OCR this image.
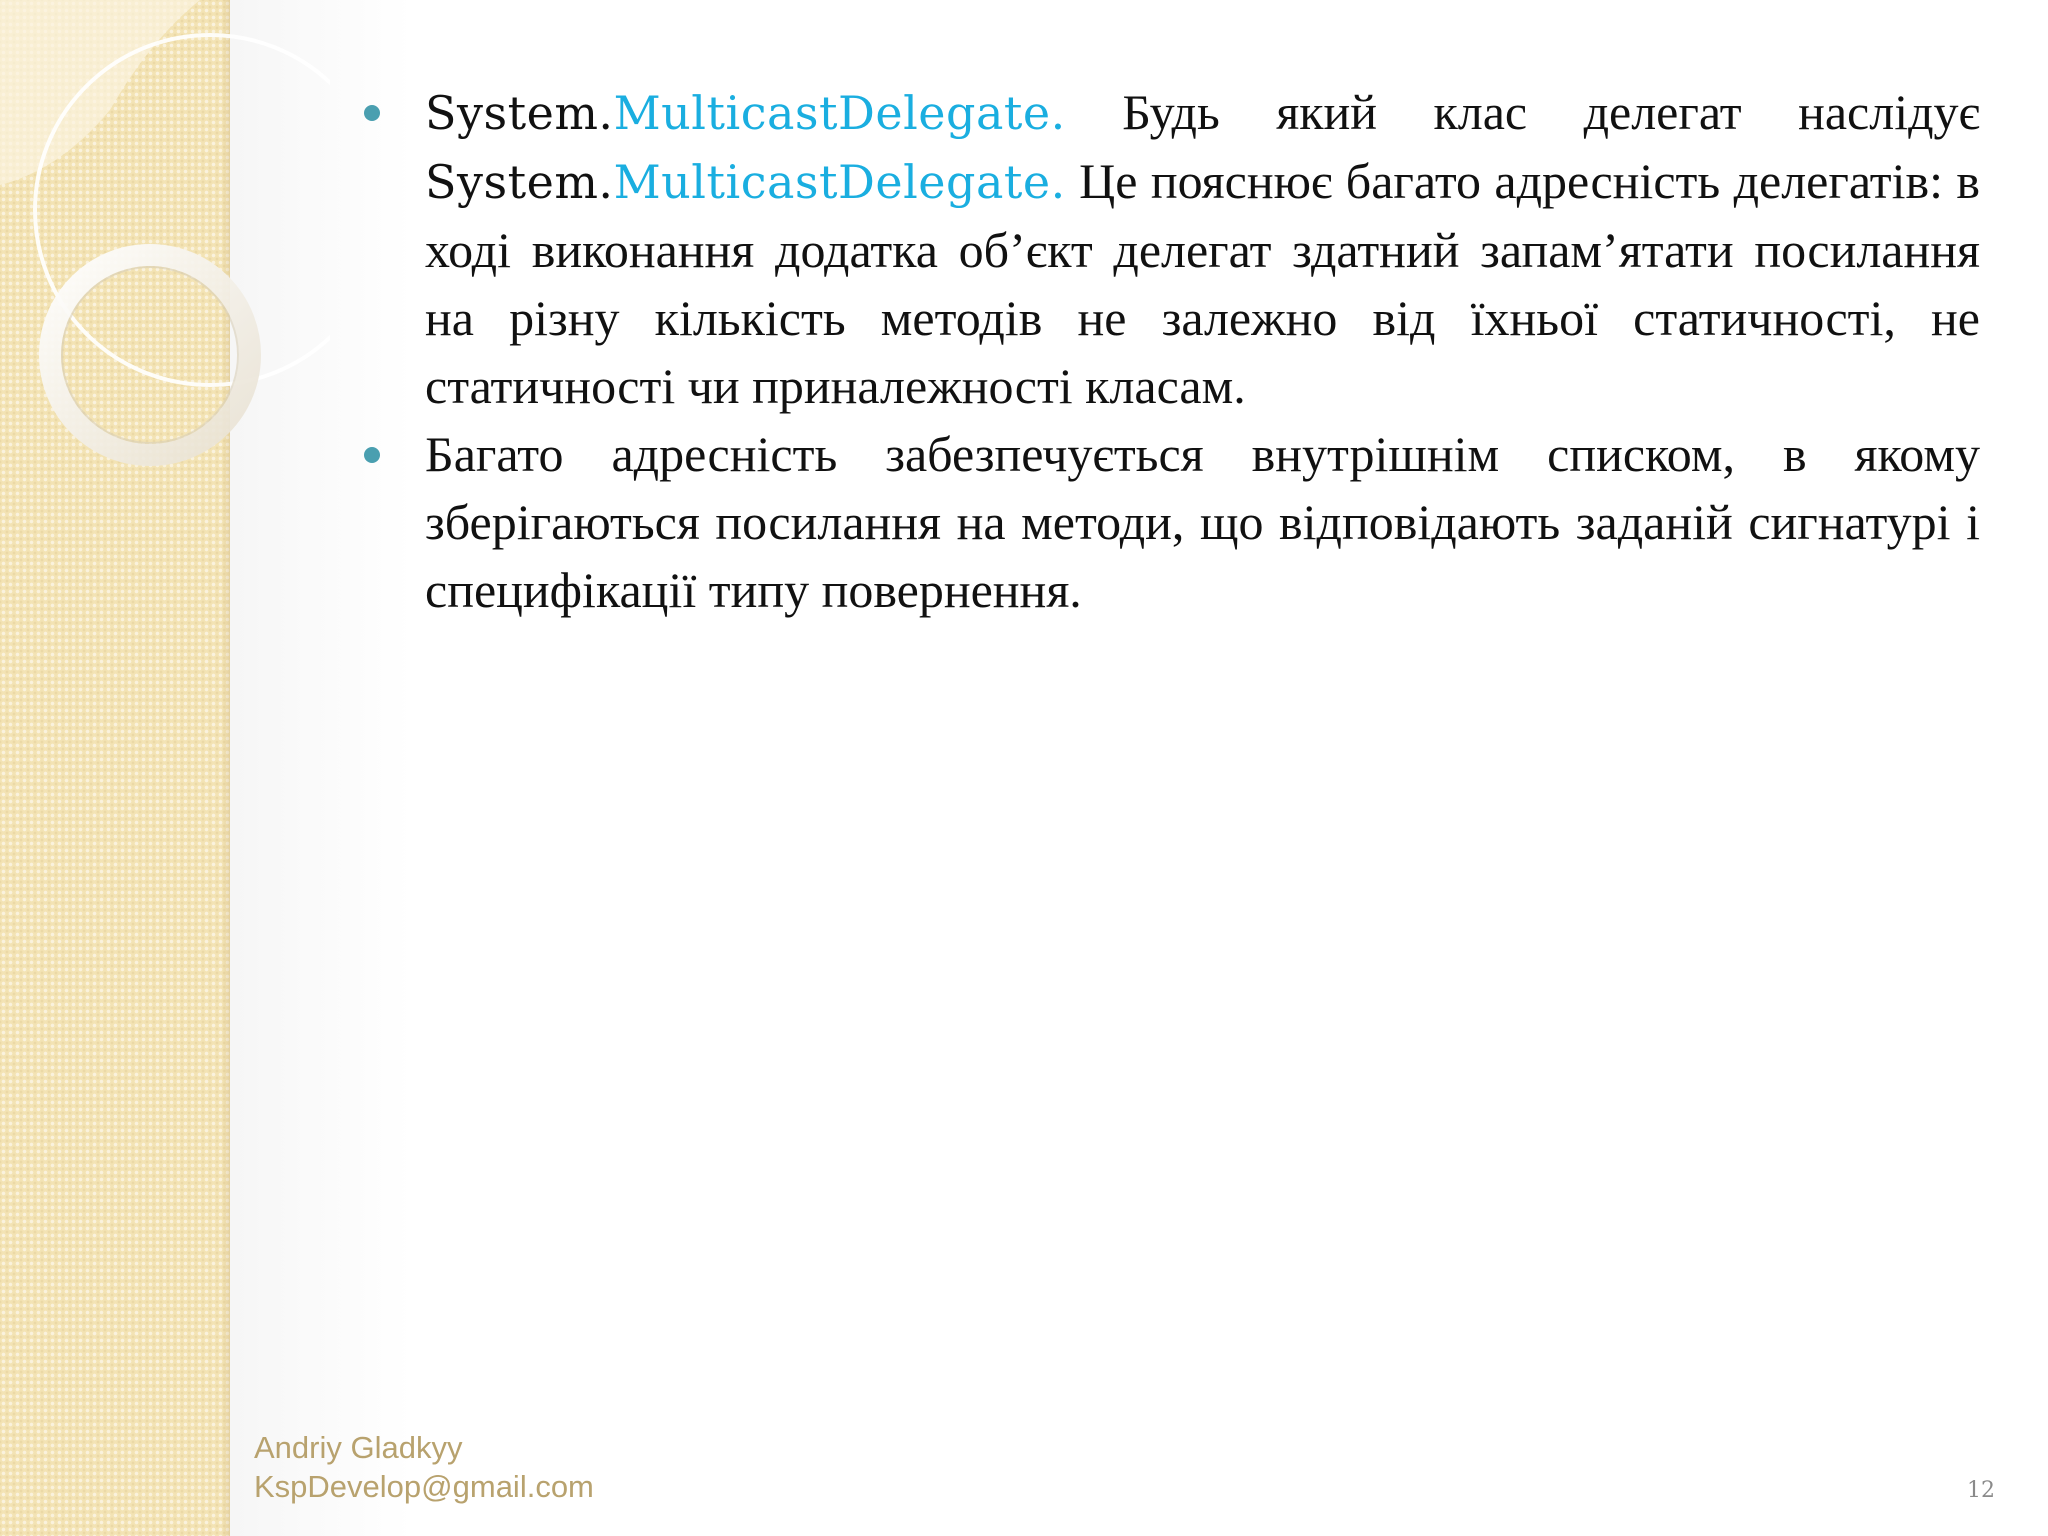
System.MulticastDelegate. Будь який клас делегат наслідує System.MulticastDelegate. Це пояснює багато адресність делегатів: в ході виконання додатка об’єкт делегат здатний запам’ятати посилання на різну кількість методів не залежно від їхньої статичності, не статичності чи приналежності класам.
Багато адресність забезпечується внутрішнім списком, в якому зберігаються посилання на методи, що відповідають заданій сигнатурі і специфікації типу повернення.
Andriy Gladkyy
KspDevelop@gmail.com	12
